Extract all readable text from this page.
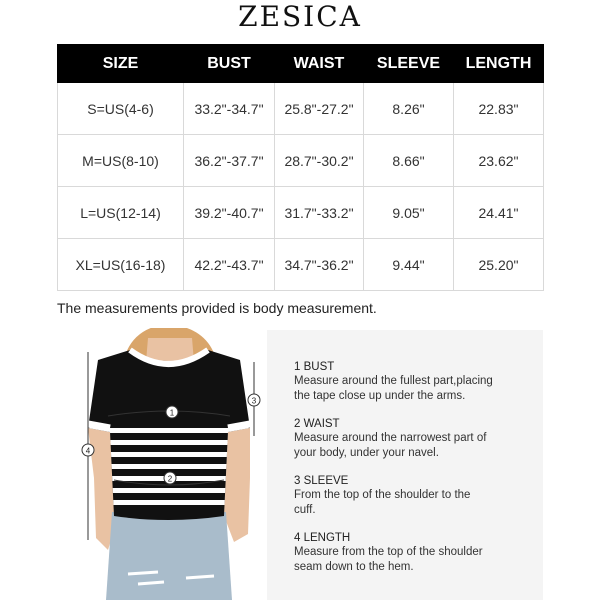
ZESICA
SIZE	BUST	WAIST	SLEEVE	LENGTH
S=US(4-6)	33.2"-34.7"	25.8"-27.2"	8.26"	22.83"
M=US(8-10)	36.2"-37.7"	28.7"-30.2"	8.66"	23.62"
L=US(12-14)	39.2"-40.7"	31.7"-33.2"	9.05"	24.41"
XL=US(16-18)	42.2"-43.7"	34.7"-36.2"	9.44"	25.20"
The measurements provided is body measurement.
1
2
3
4
1 BUST
Measure around the fullest part,placing
the tape close up under the arms.
2 WAIST
Measure around the narrowest part of
your body, under your navel.
3 SLEEVE
From the top of the shoulder to the
cuff.
4 LENGTH
Measure from the top of the shoulder
seam down to the hem.
